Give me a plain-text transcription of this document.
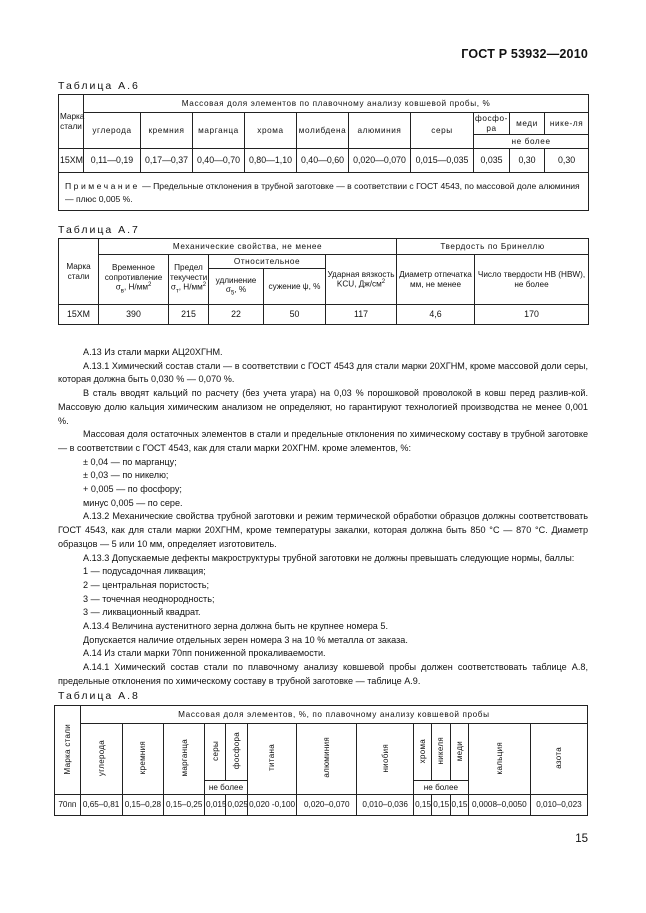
ГОСТ Р 53932—2010
Таблица А.6
Марка стали	Массовая доля элементов по плавочному анализу ковшевой пробы, %									
	углерода	кремния	марганца	хрома	молибдена	алюминия	серы	фосфо-ра	меди	нике-ля
								не более		
15ХМ	0,11—0,19	0,17—0,37	0,40—0,70	0,80—1,10	0,40—0,60	0,020—0,070	0,015—0,035	0,035	0,30	0,30
Примечание — Предельные отклонения в трубной заготовке — в соответствии с ГОСТ 4543, по массовой доле алюминия — плюс 0,005 %.										
Таблица А.7
Марка стали	Механические свойства, не менее					Твердость по Бринеллю	
	Временное сопротивление $\sigma_в$, $Н/мм^2$	Предел текучести $\sigma_т$, $Н/мм^2$	Относительное		Ударная вязкость KCU, $Дж/см^2$	Диаметр отпечатка мм, не менее	Число твердости HB (HBW), не более
			удлинение $\sigma_5$, %	сужение ψ, %			
15ХМ	390	215	22	50	117	4,6	170

А.13 Из стали марки АЦ20ХГНМ.

А.13.1 Химический состав стали — в соответствии с ГОСТ 4543 для стали марки 20ХГНМ, кроме массовой доли серы, которая должна быть 0,030 % — 0,070 %.

В сталь вводят кальций по расчету (без учета угара) на 0,03 % порошковой проволокой в ковш перед разлив-кой. Массовую долю кальция химическим анализом не определяют, но гарантируют технологией производства не менее 0,001 %.

Массовая доля остаточных элементов в стали и предельные отклонения по химическому составу в трубной заготовке — в соответствии с ГОСТ 4543, как для стали марки 20ХГНМ. кроме элементов, %:

± 0,04 — по марганцу;

± 0,03 — по никелю;

+ 0,005 — по фосфору;

минус 0,005 — по сере.

А.13.2 Механические свойства трубной заготовки и режим термической обработки образцов должны соответствовать ГОСТ 4543, как для стали марки 20ХГНМ, кроме температуры закалки, которая должна быть 850 °С — 870 °С. Диаметр образцов — 5 или 10 мм, определяет изготовитель.

А.13.3 Допускаемые дефекты макроструктуры трубной заготовки не должны превышать следующие нормы, баллы:

1 — подусадочная ликвация;

2 — центральная пористость;

3 — точечная неоднородность;

3 — ликвационный квадрат.

А.13.4 Величина аустенитного зерна должна быть не крупнее номера 5.

Допускается наличие отдельных зерен номера 3 на 10 % металла от заказа.

А.14 Из стали марки 70пп пониженной прокаливаемости.

А.14.1 Химический состав стали по плавочному анализу ковшевой пробы должен соответствовать таблице А.8, предельные отклонения по химическому составу в трубной заготовке — таблице А.9.

Таблица А.8
Марка стали	Массовая доля элементов, %, по плавочному анализу ковшевой пробы												
	углерода	кремния	марганца	серы	фосфора	титана	алюминия	ниобия	хрома	никеля	меди	кальция	азота
				не более					не более				
70пп	0,65–0,81	0,15–0,28	0,15–0,25	0,015	0,025	0,020 -0,100	0,020–0,070	0,010–0,036	0,15	0,15	0,15	0,0008–0,0050	0,010–0,023
15
